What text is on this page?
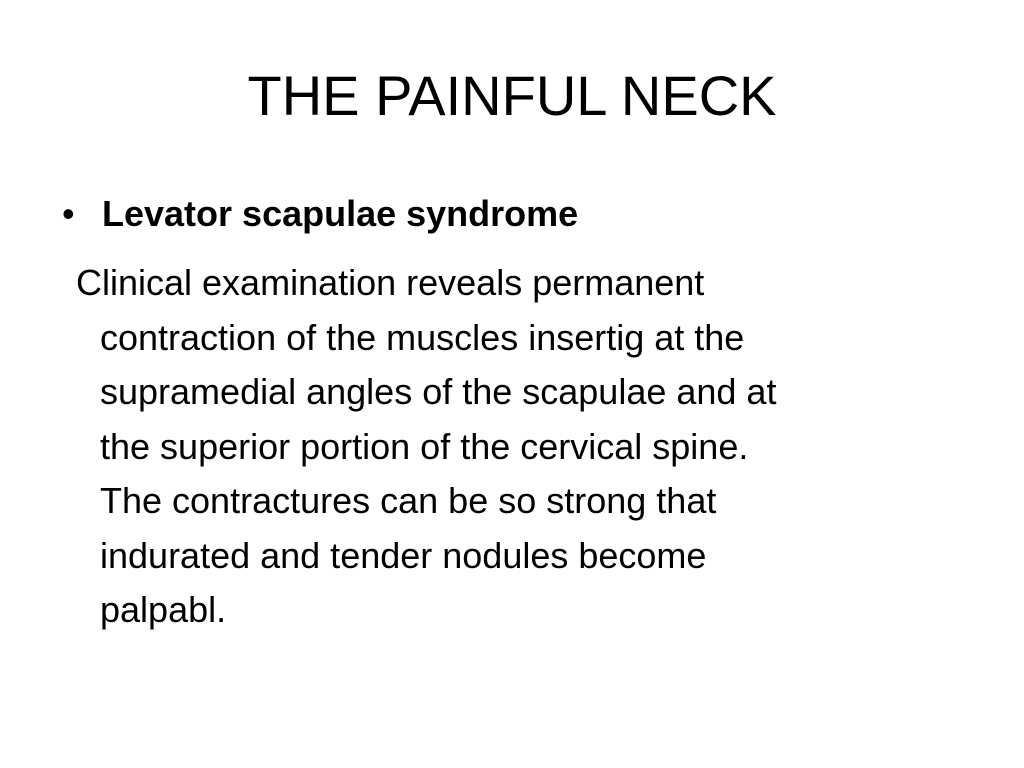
THE PAINFUL NECK
• Levator scapulae syndrome
Clinical examination reveals permanent
contraction of the muscles insertig at the
supramedial angles of the scapulae and at
the superior portion of the cervical spine.
The contractures can be so strong that
indurated and tender nodules become
palpabl.
